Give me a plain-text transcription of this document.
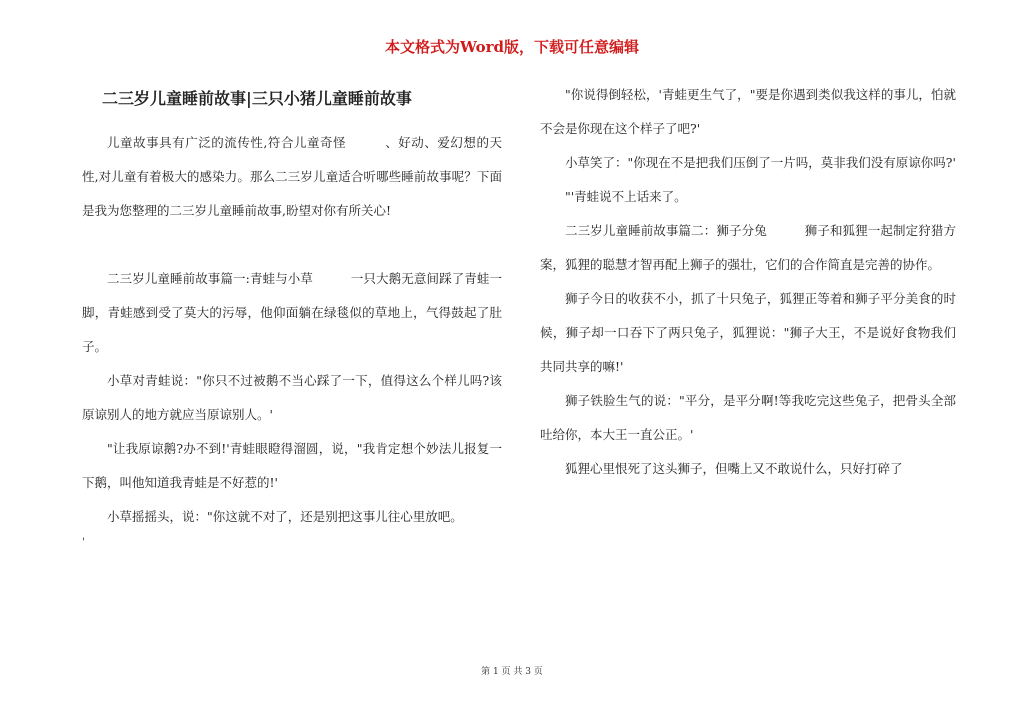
本文格式为Word版，下载可任意编辑
二三岁儿童睡前故事|三只小猪儿童睡前故事

儿童故事具有广泛的流传性,符合儿童奇怪　　　、好动、爱幻想的天性,对儿童有着极大的感染力。那么二三岁儿童适合听哪些睡前故事呢？下面是我为您整理的二三岁儿童睡前故事,盼望对你有所关心!

二三岁儿童睡前故事篇一:青蛙与小草　　　一只大鹅无意间踩了青蛙一脚，青蛙感到受了莫大的污辱，他仰面躺在绿毯似的草地上，气得鼓起了肚子。

小草对青蛙说："你只不过被鹅不当心踩了一下，值得这么个样儿吗?该原谅别人的地方就应当原谅别人。'

"让我原谅鹅?办不到!'青蛙眼瞪得溜圆，说，"我肯定想个妙法儿报复一下鹅，叫他知道我青蛙是不好惹的!'

小草摇摇头，说："你这就不对了，还是别把这事儿往心里放吧。

'

"你说得倒轻松，'青蛙更生气了，"要是你遇到类似我这样的事儿，怕就不会是你现在这个样子了吧?'

小草笑了："你现在不是把我们压倒了一片吗，莫非我们没有原谅你吗?'

"'青蛙说不上话来了。

二三岁儿童睡前故事篇二：狮子分兔　　　狮子和狐狸一起制定狩猎方案，狐狸的聪慧才智再配上狮子的强壮，它们的合作简直是完善的协作。

狮子今日的收获不小，抓了十只兔子，狐狸正等着和狮子平分美食的时候，狮子却一口吞下了两只兔子，狐狸说："狮子大王，不是说好食物我们共同共享的嘛!'

狮子铁脸生气的说："平分，是平分啊!等我吃完这些兔子，把骨头全部吐给你，本大王一直公正。'

狐狸心里恨死了这头狮子，但嘴上又不敢说什么，只好打碎了

第 1 页 共 3 页
